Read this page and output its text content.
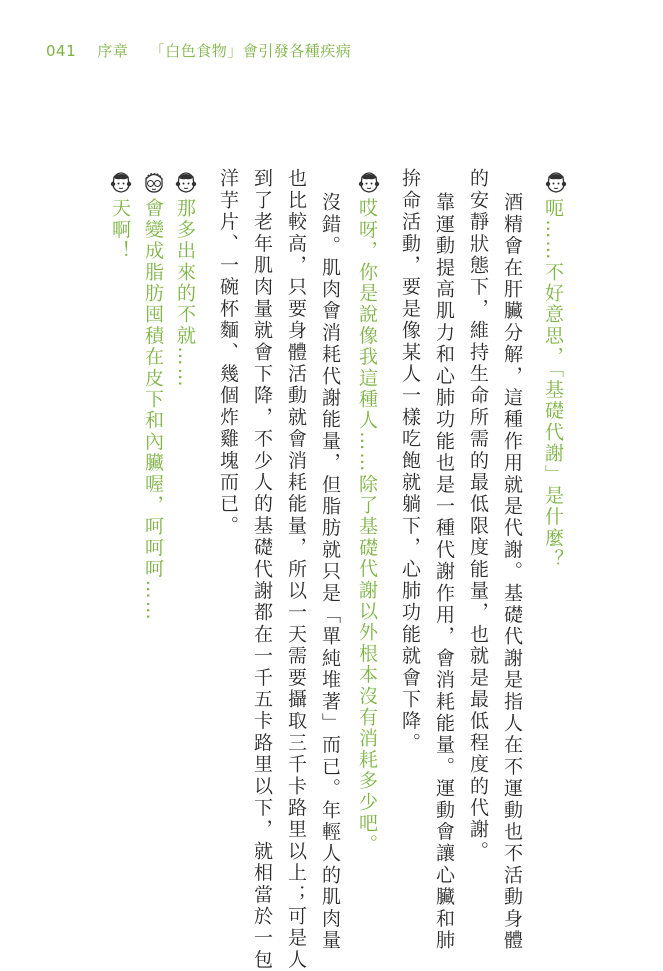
041 序章 「白色食物」會引發各種疾病
呃……不好意思，「基礎代謝」是什麼？
哎呀，你是說像我這種人……除了基礎代謝以外根本沒有消耗多少吧。
那多出來的不就……
會變成脂肪囤積在皮下和內臟喔，呵呵呵……
天啊！	酒精會在肝臟分解，這種作用就是代謝。基礎代謝是指人在不運動也不活動身體
的安靜狀態下，維持生命所需的最低限度能量，也就是最低程度的代謝。
靠運動提高肌力和心肺功能也是一種代謝作用，會消耗能量。運動會讓心臟和肺
拚命活動，要是像某人一樣吃飽就躺下，心肺功能就會下降。
沒錯。肌肉會消耗代謝能量，但脂肪就只是「單純堆著」而已。年輕人的肌肉量
也比較高，只要身體活動就會消耗能量，所以一天需要攝取三千卡路里以上；可是人
到了老年肌肉量就會下降，不少人的基礎代謝都在一千五卡路里以下，就相當於一包
洋芋片、一碗杯麵、幾個炸雞塊而已。
